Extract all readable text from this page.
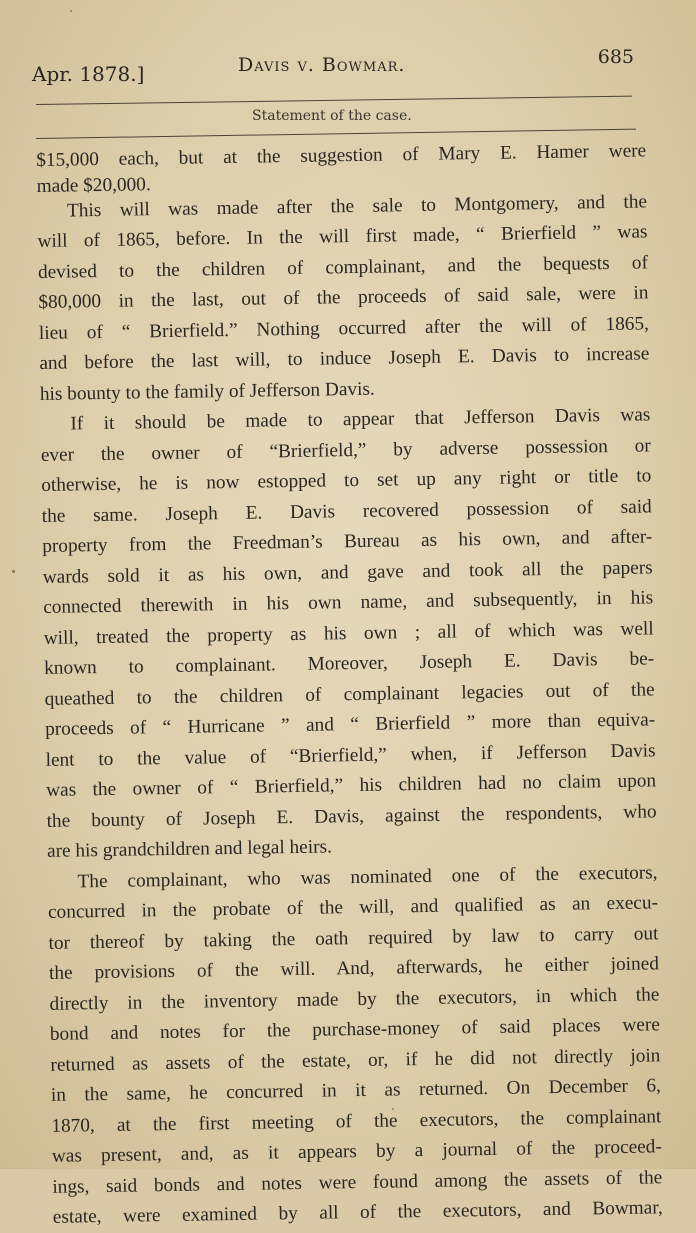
Apr. 1878.]	Davis v. Bowmar.	685
Statement of the case.
$15,000 each, but at the suggestion of Mary E. Hamer were
made $20,000.
This will was made after the sale to Montgomery, and the
will of 1865, before. In the will first made, “ Brierfield ” was
devised to the children of complainant, and the bequests of
$80,000 in the last, out of the proceeds of said sale, were in
lieu of “ Brierfield.” Nothing occurred after the will of 1865,
and before the last will, to induce Joseph E. Davis to increase
his bounty to the family of Jefferson Davis.
If it should be made to appear that Jefferson Davis was
ever the owner of “Brierfield,” by adverse possession or
otherwise, he is now estopped to set up any right or title to
the same. Joseph E. Davis recovered possession of said
property from the Freedman’s Bureau as his own, and after-
wards sold it as his own, and gave and took all the papers
connected therewith in his own name, and subsequently, in his
will, treated the property as his own ; all of which was well
known to complainant. Moreover, Joseph E. Davis be-
queathed to the children of complainant legacies out of the
proceeds of “ Hurricane ” and “ Brierfield ” more than equiva-
lent to the value of “Brierfield,” when, if Jefferson Davis
was the owner of “ Brierfield,” his children had no claim upon
the bounty of Joseph E. Davis, against the respondents, who
are his grandchildren and legal heirs.
The complainant, who was nominated one of the executors,
concurred in the probate of the will, and qualified as an execu-
tor thereof by taking the oath required by law to carry out
the provisions of the will. And, afterwards, he either joined
directly in the inventory made by the executors, in which the
bond and notes for the purchase-money of said places were
returned as assets of the estate, or, if he did not directly join
in the same, he concurred in it as returned. On December 6,
1870, at the first meeting of the executors, the complainant
was present, and, as it appears by a journal of the proceed-
ings, said bonds and notes were found among the assets of the
estate, were examined by all of the executors, and Bowmar,
